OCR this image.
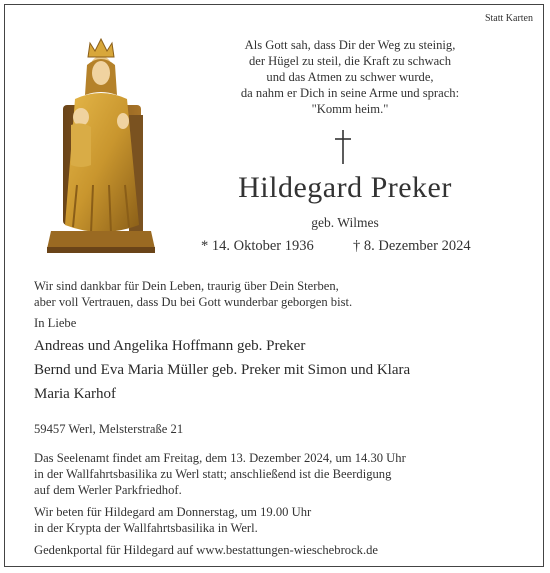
Statt Karten
Als Gott sah, dass Dir der Weg zu steinig,
der Hügel zu steil, die Kraft zu schwach
und das Atmen zu schwer wurde,
da nahm er Dich in seine Arme und sprach:
"Komm heim."
Hildegard Preker
geb. Wilmes
* 14. Oktober 1936	† 8. Dezember 2024
Wir sind dankbar für Dein Leben, traurig über Dein Sterben,
aber voll Vertrauen, dass Du bei Gott wunderbar geborgen bist.
In Liebe
Andreas und Angelika Hoffmann geb. Preker
Bernd und Eva Maria Müller geb. Preker mit Simon und Klara
Maria Karhof
59457 Werl, Melsterstraße 21
Das Seelenamt findet am Freitag, dem 13. Dezember 2024, um 14.30 Uhr
in der Wallfahrtsbasilika zu Werl statt; anschließend ist die Beerdigung
auf dem Werler Parkfriedhof.
Wir beten für Hildegard am Donnerstag, um 19.00 Uhr
in der Krypta der Wallfahrtsbasilika in Werl.
Gedenkportal für Hildegard auf www.bestattungen-wieschebrock.de
